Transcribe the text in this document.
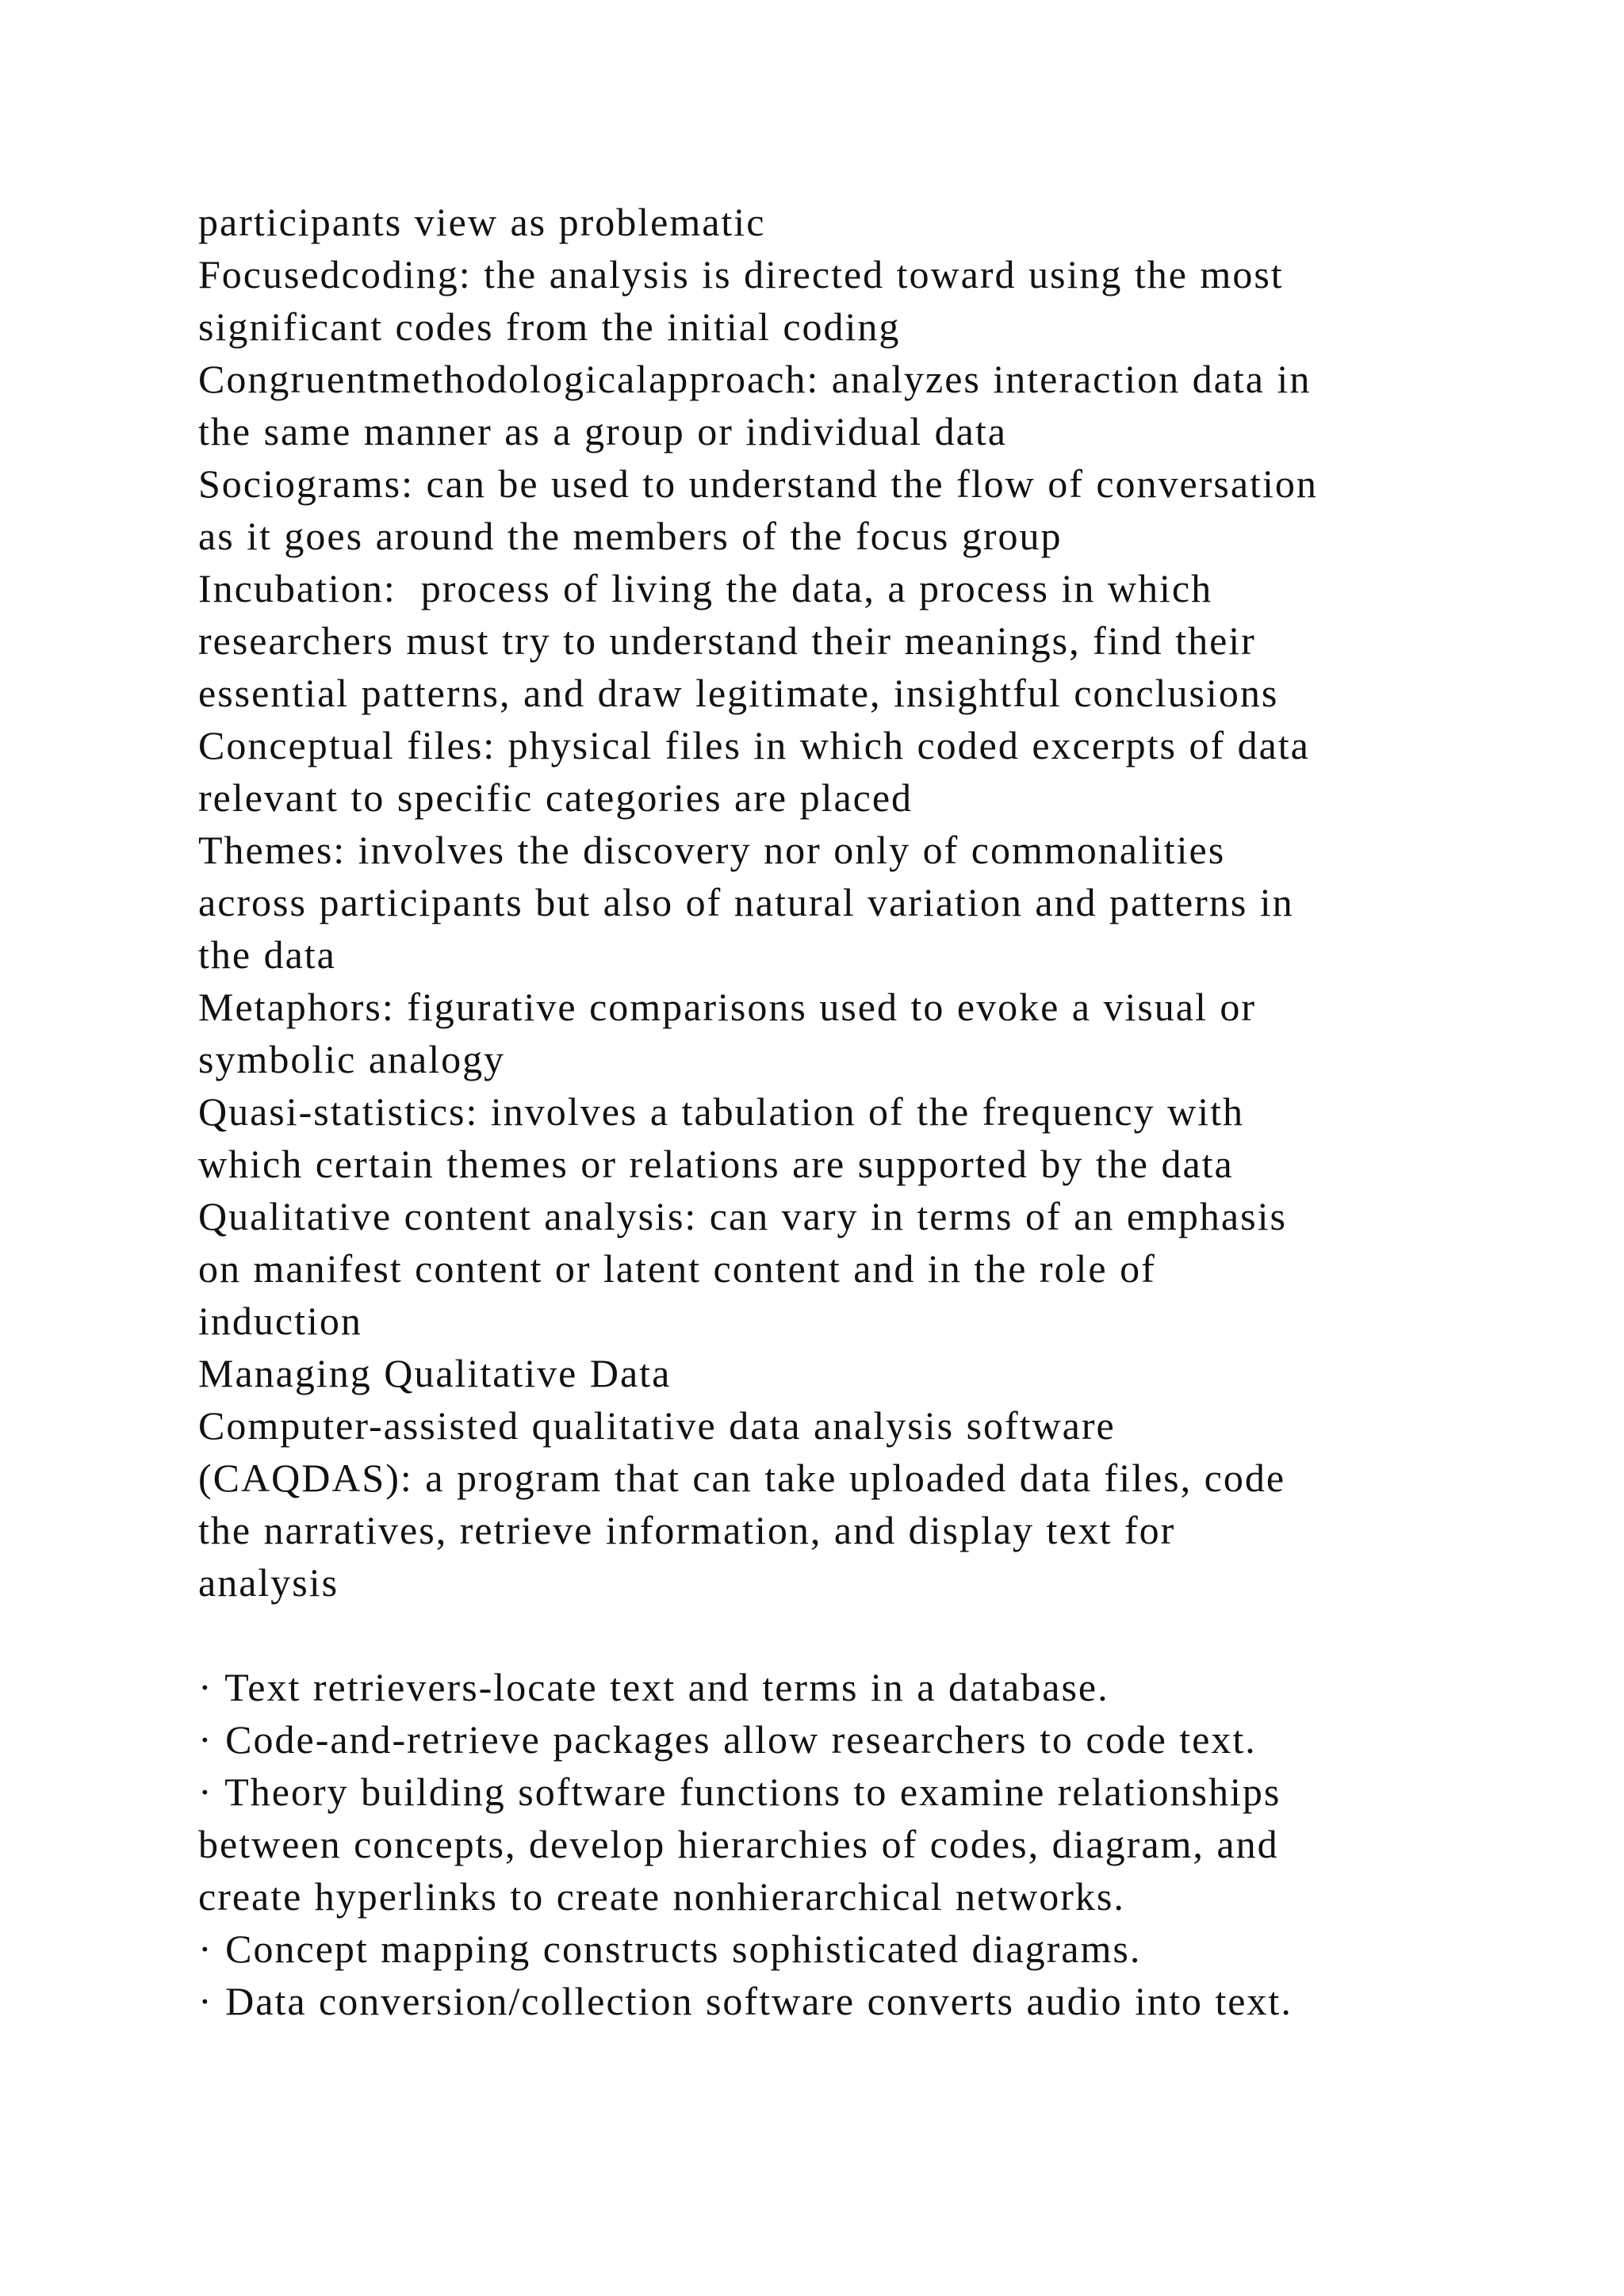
participants view as problematic
Focusedcoding: the analysis is directed toward using the most
significant codes from the initial coding
Congruentmethodologicalapproach: analyzes interaction data in
the same manner as a group or individual data
Sociograms: can be used to understand the flow of conversation
as it goes around the members of the focus group
Incubation:  process of living the data, a process in which
researchers must try to understand their meanings, find their
essential patterns, and draw legitimate, insightful conclusions
Conceptual files: physical files in which coded excerpts of data
relevant to specific categories are placed
Themes: involves the discovery nor only of commonalities
across participants but also of natural variation and patterns in
the data
Metaphors: figurative comparisons used to evoke a visual or
symbolic analogy
Quasi-statistics: involves a tabulation of the frequency with
which certain themes or relations are supported by the data
Qualitative content analysis: can vary in terms of an emphasis
on manifest content or latent content and in the role of
induction
Managing Qualitative Data
Computer-assisted qualitative data analysis software
(CAQDAS): a program that can take uploaded data files, code
the narratives, retrieve information, and display text for
analysis
· Text retrievers-locate text and terms in a database.
· Code-and-retrieve packages allow researchers to code text.
· Theory building software functions to examine relationships
between concepts, develop hierarchies of codes, diagram, and
create hyperlinks to create nonhierarchical networks.
· Concept mapping constructs sophisticated diagrams.
· Data conversion/collection software converts audio into text.
